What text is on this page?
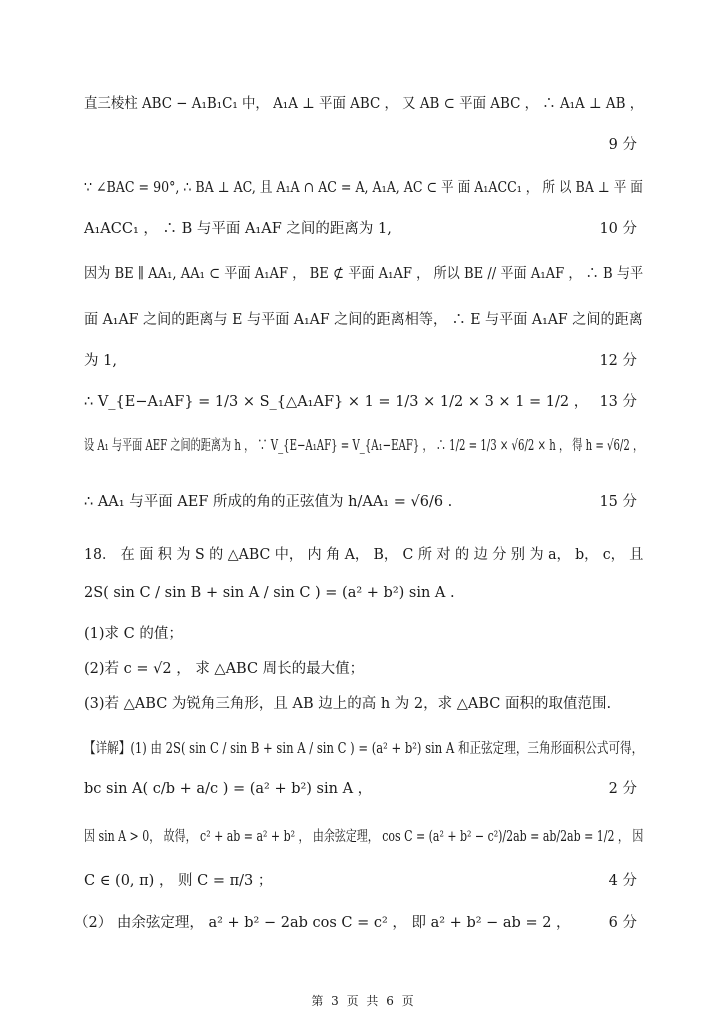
直三棱柱 ABC − A₁B₁C₁ 中， A₁A ⊥ 平面 ABC ， 又 AB ⊂ 平面 ABC ， ∴ A₁A ⊥ AB ，
9 分
∵ ∠BAC = 90°, ∴ BA ⊥ AC, 且 A₁A ∩ AC = A, A₁A, AC ⊂ 平 面 A₁ACC₁ ， 所 以 BA ⊥ 平 面
A₁ACC₁ ， ∴ B 与平面 A₁AF 之间的距离为 1,	10 分
因为 BE ∥ AA₁, AA₁ ⊂ 平面 A₁AF ， BE ⊄ 平面 A₁AF ， 所以 BE // 平面 A₁AF ， ∴ B 与平
面 A₁AF 之间的距离与 E 与平面 A₁AF 之间的距离相等， ∴ E 与平面 A₁AF 之间的距离
为 1,	12 分
∴ V_{E−A₁AF} = 1/3 × S_{△A₁AF} × 1 = 1/3 × 1/2 × 3 × 1 = 1/2 ， 13 分
设 A₁ 与平面 AEF 之间的距离为 h ， ∵ V_{E−A₁AF} = V_{A₁−EAF} ， ∴ 1/2 = 1/3 × √6/2 × h ， 得 h = √6/2 ，
∴ AA₁ 与平面 AEF 所成的角的正弦值为 h/AA₁ = √6/6 .	15 分
18． 在 面 积 为 S 的 △ABC 中， 内 角 A， B， C 所 对 的 边 分 别 为 a， b， c， 且
2S( sin C / sin B + sin A / sin C ) = (a² + b²) sin A .
(1)求 C 的值；
(2)若 c = √2 ， 求 △ABC 周长的最大值；
(3)若 △ABC 为锐角三角形，且 AB 边上的高 h 为 2，求 △ABC 面积的取值范围.
【详解】(1) 由 2S( sin C / sin B + sin A / sin C ) = (a² + b²) sin A 和正弦定理，三角形面积公式可得，
bc sin A( c/b + a/c ) = (a² + b²) sin A ，	2 分
因 sin A > 0， 故得， c² + ab = a² + b² ， 由余弦定理， cos C = (a² + b² − c²)/2ab = ab/2ab = 1/2 ， 因
C ∈ (0, π) ， 则 C = π/3 ；	4 分
（2） 由余弦定理， a² + b² − 2ab cos C = c² ， 即 a² + b² − ab = 2 ，	6 分
第 3 页 共 6 页
